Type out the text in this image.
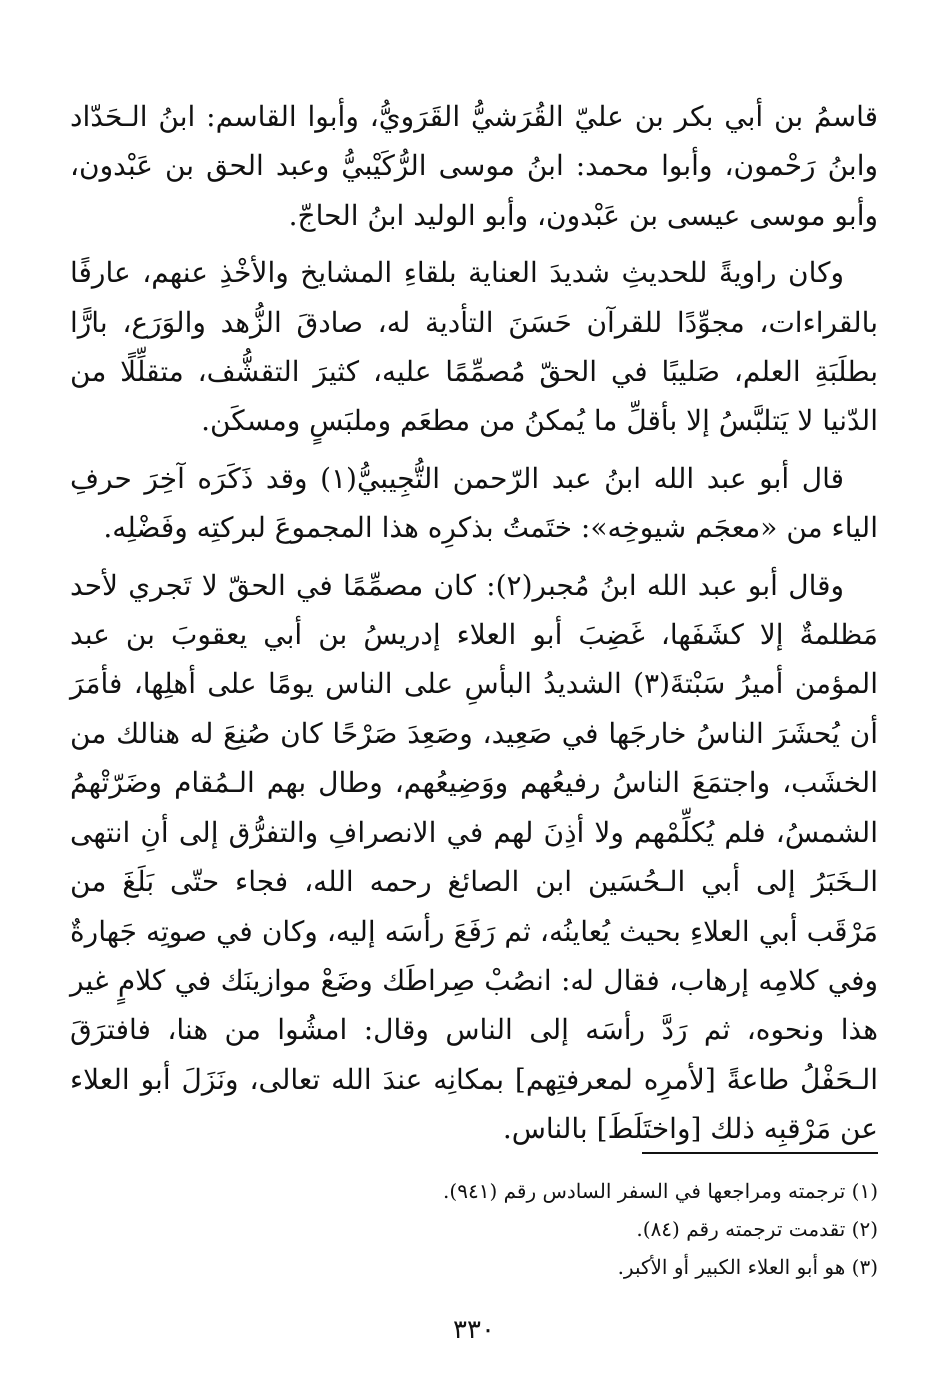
قاسمُ بن أبي بكر بن عليّ القُرَشيُّ القَرَويُّ، وأبوا القاسم: ابنُ الـحَدّاد وابنُ رَحْمون، وأبوا محمد: ابنُ موسى الرُّكَيْبيُّ وعبد الحق بن عَبْدون، وأبو موسى عيسى بن عَبْدون، وأبو الوليد ابنُ الحاجّ.

وكان راويةً للحديثِ شديدَ العناية بلقاءِ المشايخ والأخْذِ عنهم، عارفًا بالقراءات، مجوِّدًا للقرآن حَسَنَ التأدية له، صادقَ الزُّهد والوَرَع، بارًّا بطلَبَةِ العلم، صَليبًا في الحقّ مُصمِّمًا عليه، كثيرَ التقشُّف، متقلِّلًا من الدّنيا لا يَتلبَّسُ إلا بأقلِّ ما يُمكنُ من مطعَم وملبَسٍ ومسكَن.

قال أبو عبد الله ابنُ عبد الرّحمن التُّجِيبيُّ(١) وقد ذَكَرَه آخِرَ حرفِ الياء من «معجَم شيوخِه»: ختَمتُ بذكرِه هذا المجموعَ لبركتِه وفَضْلِه.

وقال أبو عبد الله ابنُ مُجبر(٢): كان مصمِّمًا في الحقّ لا تَجري لأحد مَظلمةٌ إلا كشَفَها، غَضِبَ أبو العلاء إدريسُ بن أبي يعقوبَ بن عبد المؤمن أميرُ سَبْتةَ(٣) الشديدُ البأسِ على الناس يومًا على أهلِها، فأمَرَ أن يُحشَرَ الناسُ خارجَها في صَعِيد، وصَعِدَ صَرْحًا كان صُنِعَ له هنالك من الخشَب، واجتمَعَ الناسُ رفيعُهم ووَضِيعُهم، وطال بهم الـمُقام وضَرّتْهمُ الشمسُ، فلم يُكلِّمْهم ولا أذِنَ لهم في الانصرافِ والتفرُّق إلى أنِ انتهى الـخَبَرُ إلى أبي الـحُسَين ابن الصائغ رحمه الله، فجاء حتّى بَلَغَ من مَرْقَب أبي العلاءِ بحيث يُعاينُه، ثم رَفَعَ رأسَه إليه، وكان في صوتِه جَهارةٌ وفي كلامِه إرهاب، فقال له: انصُبْ صِراطَك وضَعْ موازينَك في كلامٍ غير هذا ونحوه، ثم رَدَّ رأسَه إلى الناس وقال: امشُوا من هنا، فافترَقَ الـحَفْلُ طاعةً [لأمرِه لمعرفتِهم] بمكانِه عندَ الله تعالى، ونَزَلَ أبو العلاء عن مَرْقبِه ذلك [واختَلَطَ] بالناس.

(١) ترجمته ومراجعها في السفر السادس رقم (٩٤١).

(٢) تقدمت ترجمته رقم (٨٤).

(٣) هو أبو العلاء الكبير أو الأكبر.

٣٣٠
